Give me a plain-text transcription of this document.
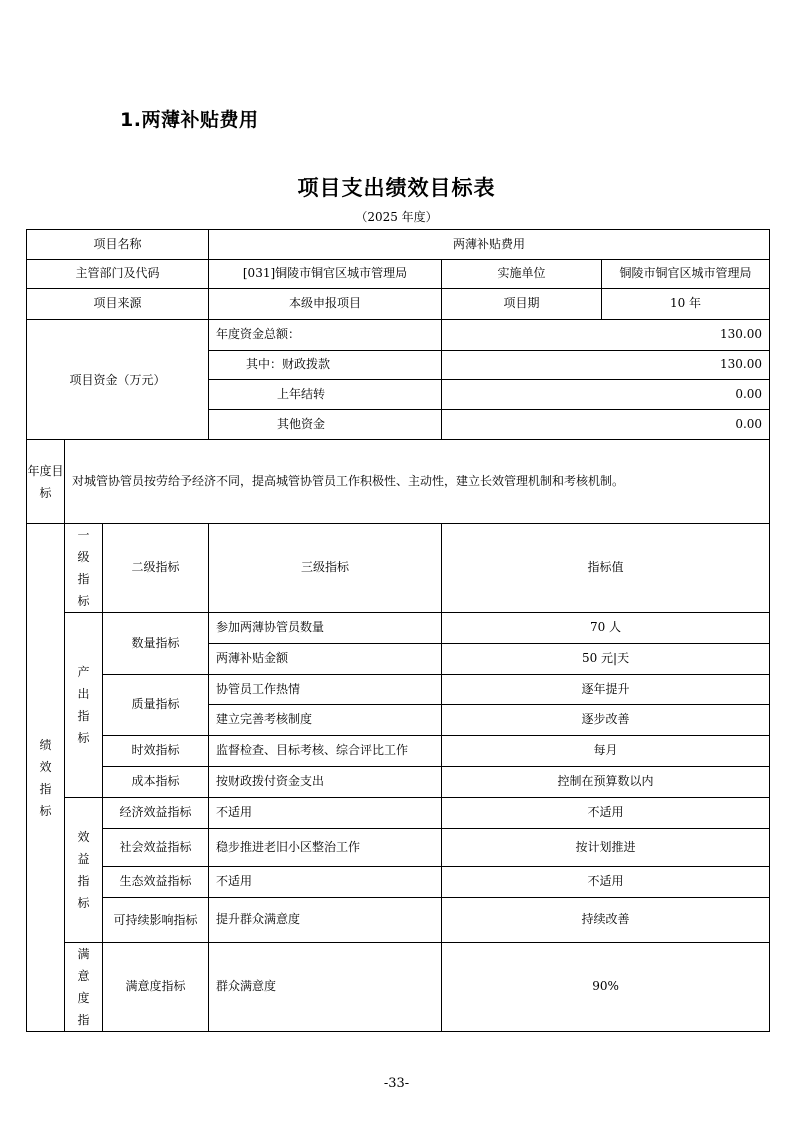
1.两薄补贴费用
项目支出绩效目标表
（2025 年度）
项目名称			两薄补贴费用		
主管部门及代码			[031]铜陵市铜官区城市管理局	实施单位	铜陵市铜官区城市管理局
项目来源			本级申报项目	项目期	10 年
项目资金（万元）			年度资金总额：	130.00	
			其中：财政拨款	130.00	
			上年结转	0.00	
			其他资金	0.00	
年度目标	对城管协管员按劳给予经济不同，提高城管协管员工作积极性、主动性，建立长效管理机制和考核机制。				
绩效指标	一级指标	二级指标	三级指标	指标值	
	产出指标	数量指标	参加两薄协管员数量	70 人	
			两薄补贴金额	50 元|天	
		质量指标	协管员工作热情	逐年提升	
			建立完善考核制度	逐步改善	
		时效指标	监督检查、目标考核、综合评比工作	每月	
		成本指标	按财政拨付资金支出	控制在预算数以内	
	效益指标	经济效益指标	不适用	不适用	
		社会效益指标	稳步推进老旧小区整治工作	按计划推进	
		生态效益指标	不适用	不适用	
		可持续影响指标	提升群众满意度	持续改善	
	满意度指	满意度指标	群众满意度	90%	
-33-
